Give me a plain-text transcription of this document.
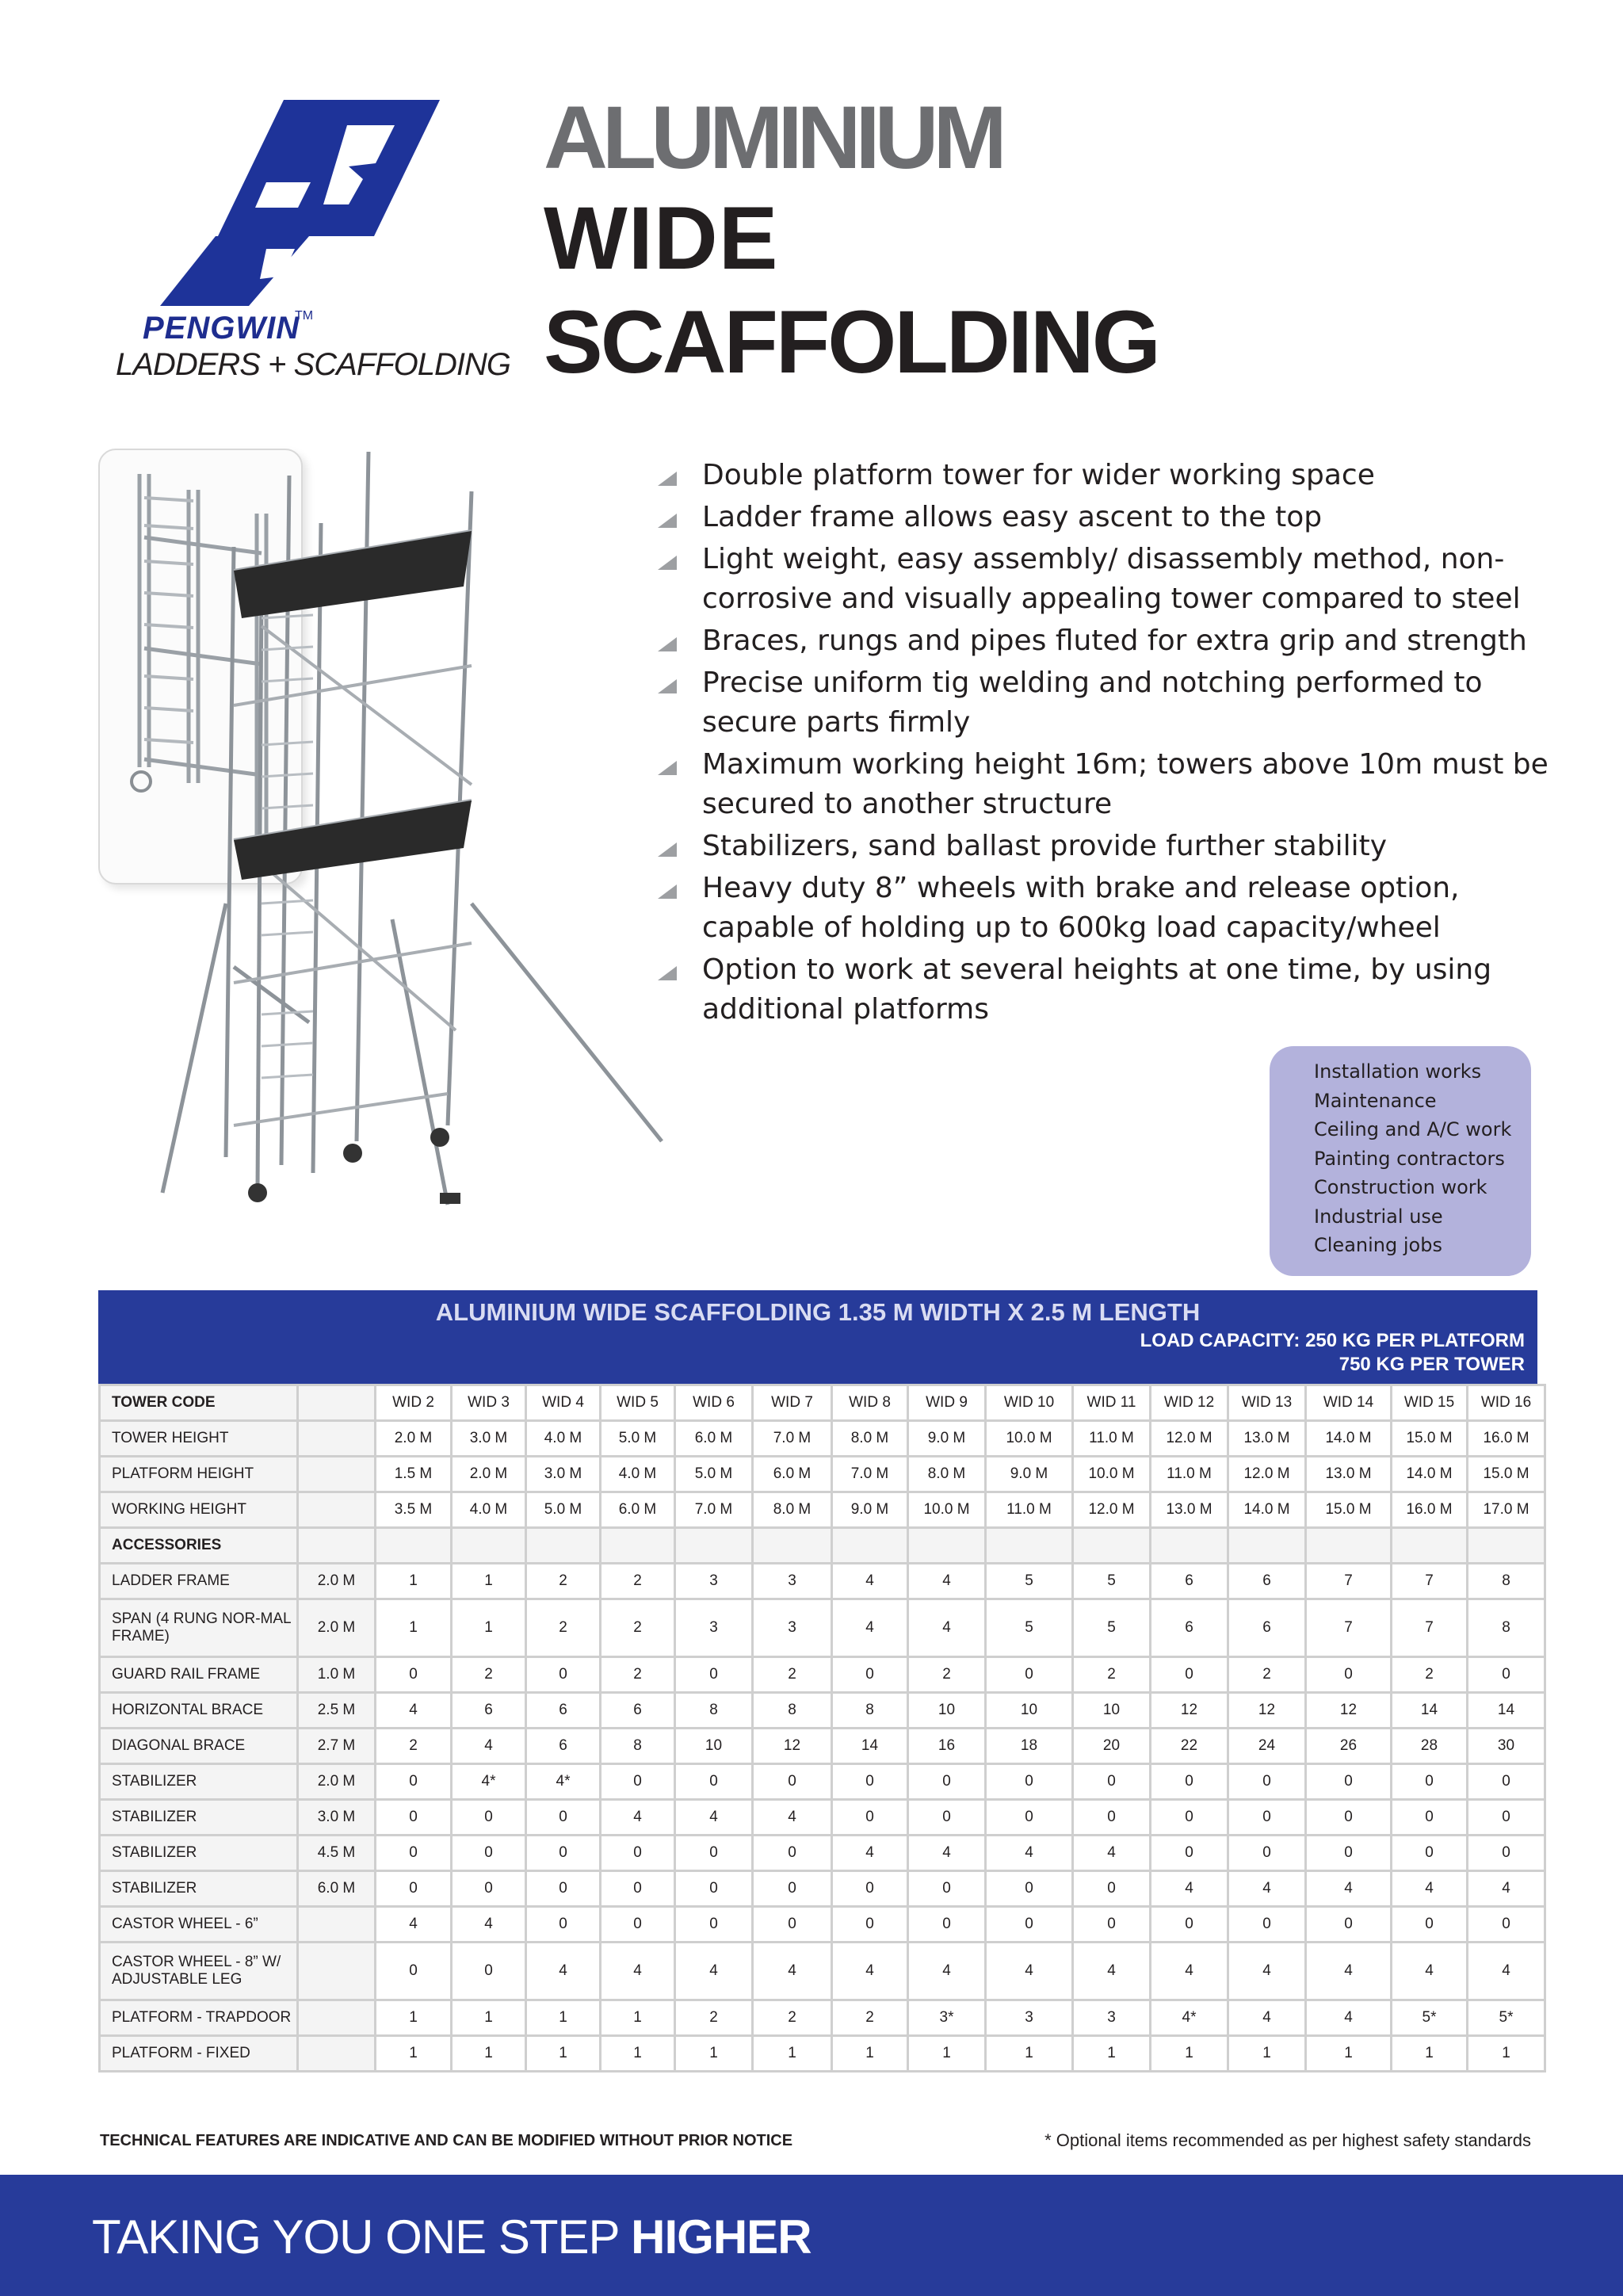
PENGWIN
TM
LADDERS + SCAFFOLDING
ALUMINIUM
WIDE
SCAFFOLDING
Double platform tower for wider working space
Ladder frame allows easy ascent to the top
Light weight, easy assembly/ disassembly method, non-corrosive and visually appealing tower compared to steel
Braces, rungs and pipes fluted for extra grip and strength
Precise uniform tig welding and notching performed to secure parts firmly
Maximum working height 16m; towers above 10m must be secured to another structure
Stabilizers, sand ballast provide further stability
Heavy duty 8” wheels with brake and release option, capable of holding up to 600kg load capacity/wheel
Option to work at several heights at one time, by using additional platforms
Installation works
Maintenance
Ceiling and A/C work
Painting contractors
Construction work
Industrial use
Cleaning jobs
ALUMINIUM WIDE SCAFFOLDING 1.35 M WIDTH X 2.5 M LENGTH
LOAD CAPACITY: 250 KG PER PLATFORM
750 KG PER TOWER
TOWER CODE		WID 2	WID 3	WID 4	WID 5	WID 6	WID 7	WID 8	WID 9	WID 10	WID 11	WID 12	WID 13	WID 14	WID 15	WID 16
TOWER HEIGHT		2.0 M	3.0 M	4.0 M	5.0 M	6.0 M	7.0 M	8.0 M	9.0 M	10.0 M	11.0 M	12.0 M	13.0 M	14.0 M	15.0 M	16.0 M
PLATFORM HEIGHT		1.5 M	2.0 M	3.0 M	4.0 M	5.0 M	6.0 M	7.0 M	8.0 M	9.0 M	10.0 M	11.0 M	12.0 M	13.0 M	14.0 M	15.0 M
WORKING HEIGHT		3.5 M	4.0 M	5.0 M	6.0 M	7.0 M	8.0 M	9.0 M	10.0 M	11.0 M	12.0 M	13.0 M	14.0 M	15.0 M	16.0 M	17.0 M
ACCESSORIES																
LADDER FRAME	2.0 M	1	1	2	2	3	3	4	4	5	5	6	6	7	7	8
SPAN (4 RUNG NOR-MAL FRAME)	2.0 M	1	1	2	2	3	3	4	4	5	5	6	6	7	7	8
GUARD RAIL FRAME	1.0 M	0	2	0	2	0	2	0	2	0	2	0	2	0	2	0
HORIZONTAL BRACE	2.5 M	4	6	6	6	8	8	8	10	10	10	12	12	12	14	14
DIAGONAL BRACE	2.7 M	2	4	6	8	10	12	14	16	18	20	22	24	26	28	30
STABILIZER	2.0 M	0	4*	4*	0	0	0	0	0	0	0	0	0	0	0	0
STABILIZER	3.0 M	0	0	0	4	4	4	0	0	0	0	0	0	0	0	0
STABILIZER	4.5 M	0	0	0	0	0	0	4	4	4	4	0	0	0	0	0
STABILIZER	6.0 M	0	0	0	0	0	0	0	0	0	0	4	4	4	4	4
CASTOR WHEEL - 6”		4	4	0	0	0	0	0	0	0	0	0	0	0	0	0
CASTOR WHEEL - 8” W/ ADJUSTABLE LEG		0	0	4	4	4	4	4	4	4	4	4	4	4	4	4
PLATFORM - TRAPDOOR		1	1	1	1	2	2	2	3*	3	3	4*	4	4	5*	5*
PLATFORM - FIXED		1	1	1	1	1	1	1	1	1	1	1	1	1	1	1
TECHNICAL FEATURES ARE INDICATIVE AND CAN BE MODIFIED WITHOUT PRIOR NOTICE	* Optional items recommended as per highest safety standards
TAKING YOU ONE STEP HIGHER
